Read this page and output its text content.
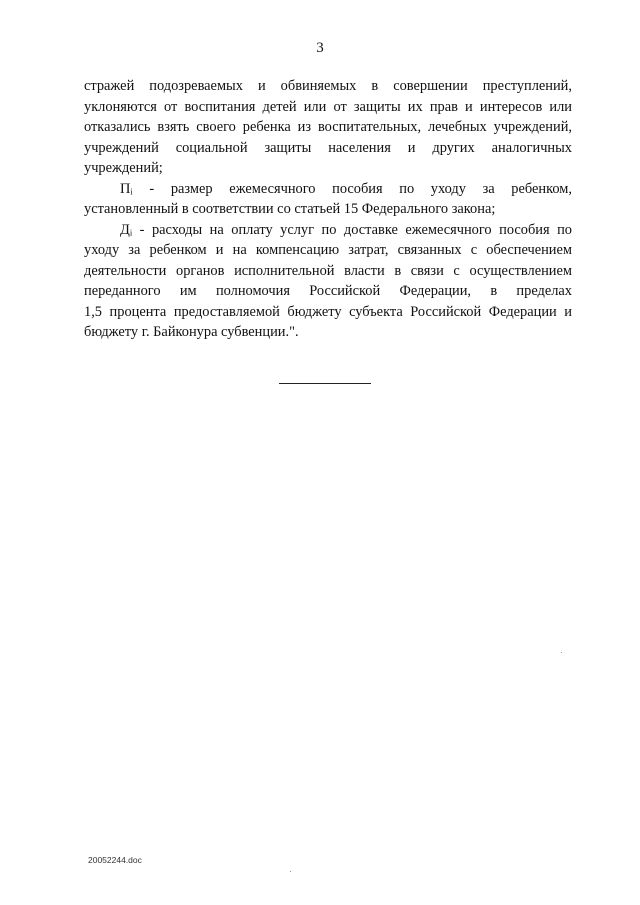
3
стражей подозреваемых и обвиняемых в совершении преступлений,
уклоняются от воспитания детей или от защиты их прав и интересов или
отказались взять своего ребенка из воспитательных, лечебных учреждений,
учреждений социальной защиты населения и других аналогичных
учреждений;
Пᵢ - размер ежемесячного пособия по уходу за ребенком,
установленный в соответствии со статьей 15 Федерального закона;
Дᵢ - расходы на оплату услуг по доставке ежемесячного пособия по
уходу за ребенком и на компенсацию затрат, связанных с обеспечением
деятельности органов исполнительной власти в связи с осуществлением
переданного им полномочия Российской Федерации, в пределах
1,5 процента предоставляемой бюджету субъекта Российской Федерации и
бюджету г. Байконура субвенции.".
20052244.doc
